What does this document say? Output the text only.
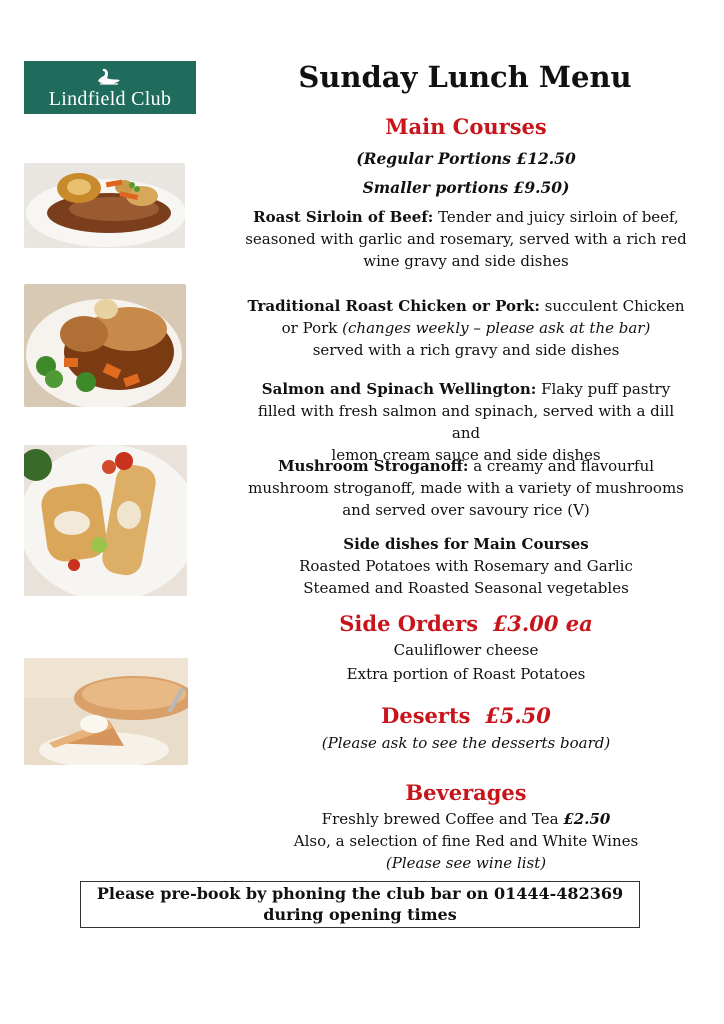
Lindfield Club
Sunday Lunch Menu
Main Courses
(Regular Portions £12.50
Smaller portions £9.50)
Roast Sirloin of Beef: Tender and juicy sirloin of beef,
seasoned with garlic and rosemary, served with a rich red
wine gravy and side dishes
Traditional Roast Chicken or Pork: succulent Chicken
or Pork (changes weekly – please ask at the bar)
served with a rich gravy and side dishes
Salmon and Spinach Wellington: Flaky puff pastry
filled with fresh salmon and spinach, served with a dill and
lemon cream sauce and side dishes
Mushroom Stroganoff: a creamy and flavourful
mushroom stroganoff, made with a variety of mushrooms
and served over savoury rice (V)
Side dishes for Main Courses
Roasted Potatoes with Rosemary and Garlic
Steamed and Roasted Seasonal vegetables
Side Orders £3.00 ea
Cauliflower cheese
Extra portion of Roast Potatoes
Deserts £5.50
(Please ask to see the desserts board)
Beverages
Freshly brewed Coffee and Tea £2.50
Also, a selection of fine Red and White Wines
(Please see wine list)
Please pre-book by phoning the club bar on 01444-482369
during opening times
